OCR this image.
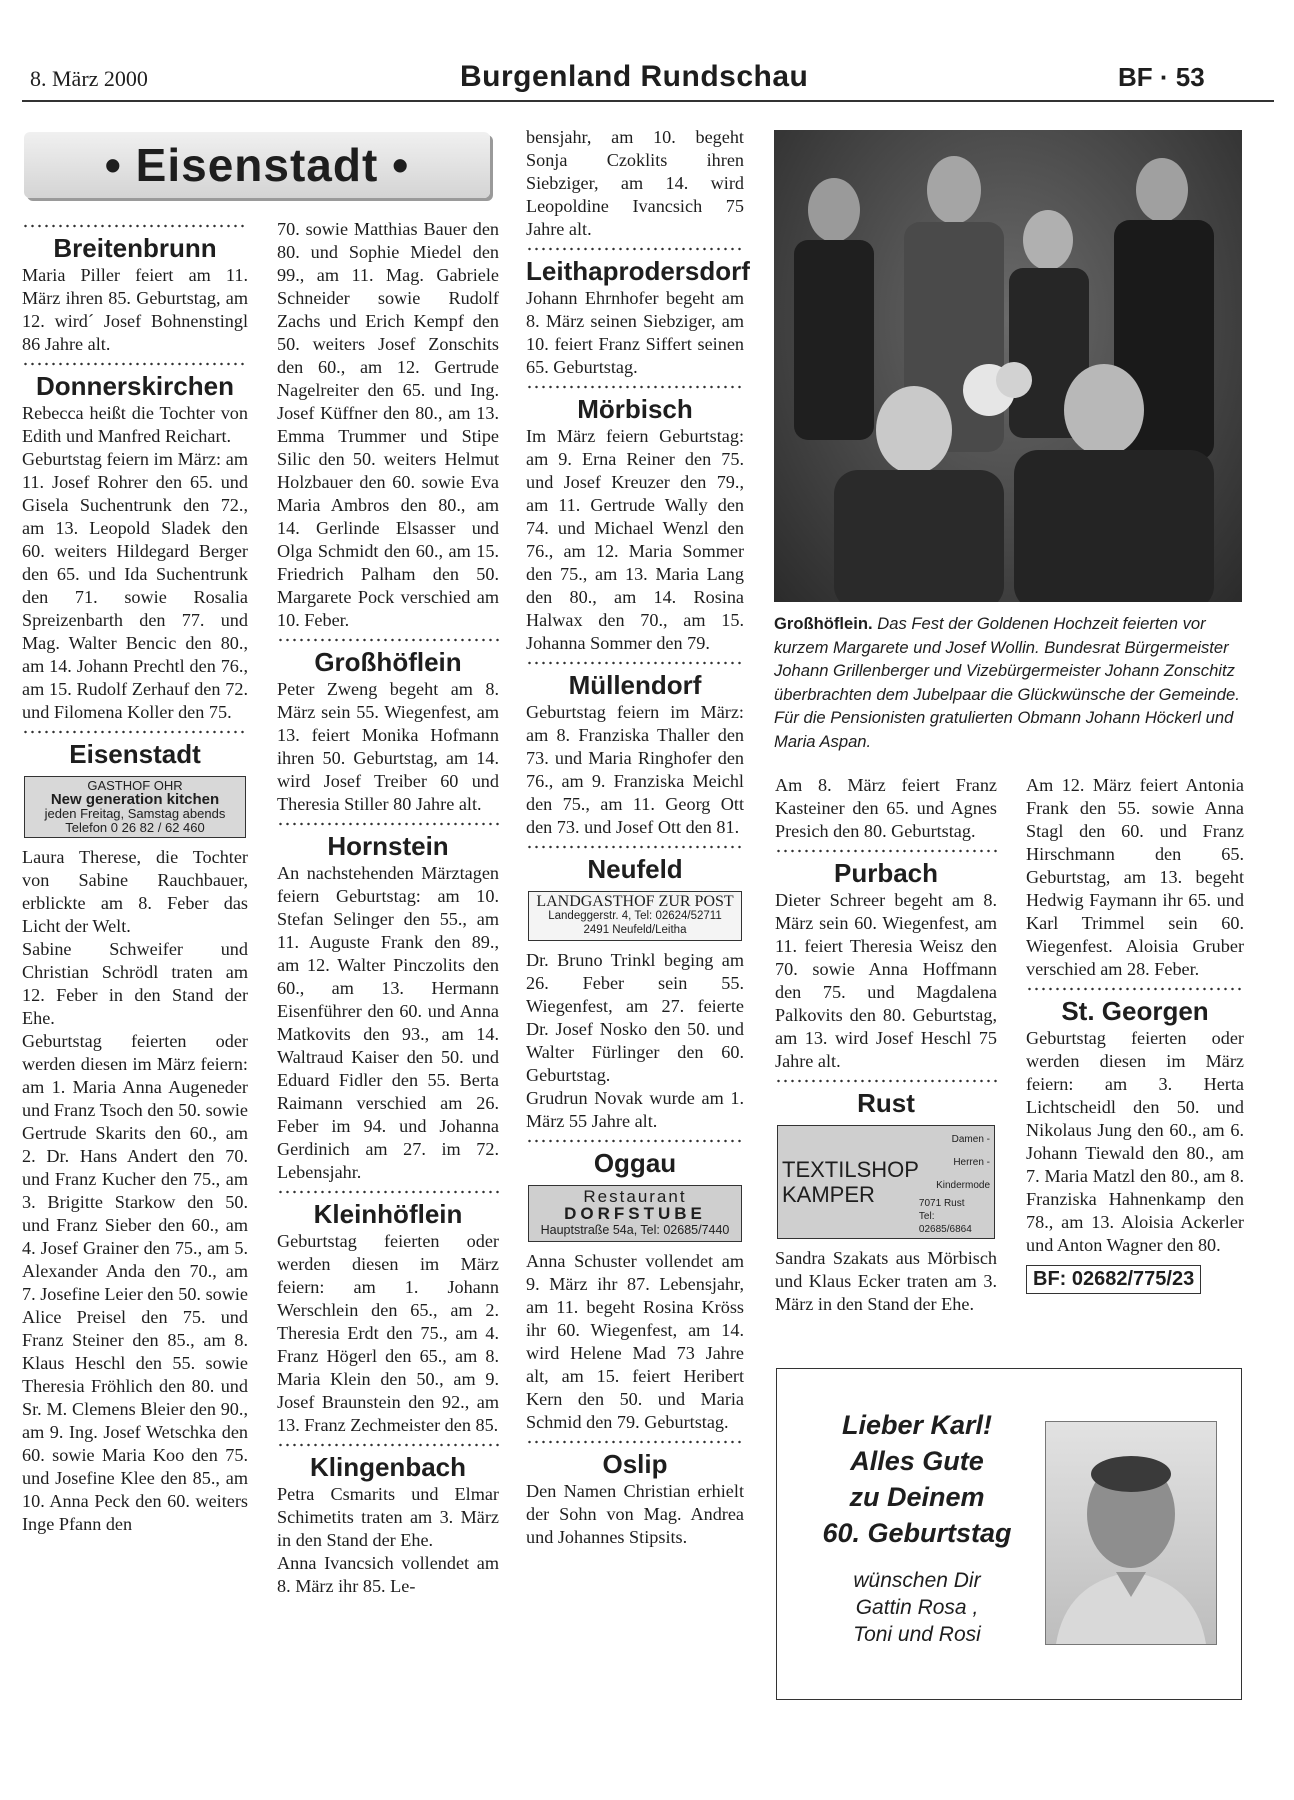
8. März 2000	Burgenland Rundschau	BF · 53
• Eisenstadt •
Breitenbrunn

Maria Piller feiert am 11. März ihren 85. Geburtstag, am 12. wird´ Josef Bohnenstingl 86 Jahre alt.

Donnerskirchen

Rebecca heißt die Tochter von Edith und Manfred Reichart.

Geburtstag feiern im März: am 11. Josef Rohrer den 65. und Gisela Suchentrunk den 72., am 13. Leopold Sladek den 60. weiters Hildegard Berger den 65. und Ida Suchentrunk den 71. sowie Rosalia Spreizenbarth den 77. und Mag. Walter Bencic den 80., am 14. Johann Prechtl den 76., am 15. Rudolf Zerhauf den 72. und Filomena Koller den 75.

Eisenstadt
GASTHOF OHR
New generation kitchen
jeden Freitag, Samstag abends
Telefon 0 26 82 / 62 460

Laura Therese, die Tochter von Sabine Rauchbauer, erblickte am 8. Feber das Licht der Welt.

Sabine Schweifer und Christian Schrödl traten am 12. Feber in den Stand der Ehe.

Geburtstag feierten oder werden diesen im März feiern: am 1. Maria Anna Augeneder und Franz Tsoch den 50. sowie Gertrude Skarits den 60., am 2. Dr. Hans Andert den 70. und Franz Kucher den 75., am 3. Brigitte Starkow den 50. und Franz Sieber den 60., am 4. Josef Grainer den 75., am 5. Alexander Anda den 70., am 7. Josefine Leier den 50. sowie Alice Preisel den 75. und Franz Steiner den 85., am 8. Klaus Heschl den 55. sowie Theresia Fröhlich den 80. und Sr. M. Clemens Bleier den 90., am 9. Ing. Josef Wetschka den 60. sowie Maria Koo den 75. und Josefine Klee den 85., am 10. Anna Peck den 60. weiters Inge Pfann den

70. sowie Matthias Bauer den 80. und Sophie Miedel den 99., am 11. Mag. Gabriele Schneider sowie Rudolf Zachs und Erich Kempf den 50. weiters Josef Zonschits den 60., am 12. Gertrude Nagelreiter den 65. und Ing. Josef Küffner den 80., am 13. Emma Trummer und Stipe Silic den 50. weiters Helmut Holzbauer den 60. sowie Eva Maria Ambros den 80., am 14. Gerlinde Elsasser und Olga Schmidt den 60., am 15. Friedrich Palham den 50. Margarete Pock verschied am 10. Feber.

Großhöflein

Peter Zweng begeht am 8. März sein 55. Wiegenfest, am 13. feiert Monika Hofmann ihren 50. Geburtstag, am 14. wird Josef Treiber 60 und Theresia Stiller 80 Jahre alt.

Hornstein

An nachstehenden Märztagen feiern Geburtstag: am 10. Stefan Selinger den 55., am 11. Auguste Frank den 89., am 12. Walter Pinczolits den 60., am 13. Hermann Eisenführer den 60. und Anna Matkovits den 93., am 14. Waltraud Kaiser den 50. und Eduard Fidler den 55. Berta Raimann verschied am 26. Feber im 94. und Johanna Gerdinich am 27. im 72. Lebensjahr.

Kleinhöflein

Geburtstag feierten oder werden diesen im März feiern: am 1. Johann Werschlein den 65., am 2. Theresia Erdt den 75., am 4. Franz Högerl den 65., am 8. Maria Klein den 50., am 9. Josef Braunstein den 92., am 13. Franz Zechmeister den 85.

Klingenbach

Petra Csmarits und Elmar Schimetits traten am 3. März in den Stand der Ehe.

Anna Ivancsich vollendet am 8. März ihr 85. Le-

bensjahr, am 10. begeht Sonja Czoklits ihren Siebziger, am 14. wird Leopoldine Ivancsich 75 Jahre alt.

Leithaprodersdorf

Johann Ehrnhofer begeht am 8. März seinen Siebziger, am 10. feiert Franz Siffert seinen 65. Geburtstag.

Mörbisch

Im März feiern Geburtstag: am 9. Erna Reiner den 75. und Josef Kreuzer den 79., am 11. Gertrude Wally den 74. und Michael Wenzl den 76., am 12. Maria Sommer den 75., am 13. Maria Lang den 80., am 14. Rosina Halwax den 70., am 15. Johanna Sommer den 79.

Müllendorf

Geburtstag feiern im März: am 8. Franziska Thaller den 73. und Maria Ringhofer den 76., am 9. Franziska Meichl den 75., am 11. Georg Ott den 73. und Josef Ott den 81.

Neufeld
LANDGASTHOF ZUR POST
Landeggerstr. 4, Tel: 02624/52711
2491 Neufeld/Leitha

Dr. Bruno Trinkl beging am 26. Feber sein 55. Wiegenfest, am 27. feierte Dr. Josef Nosko den 50. und Walter Fürlinger den 60. Geburtstag.

Grudrun Novak wurde am 1. März 55 Jahre alt.

Oggau
Restaurant
DORFSTUBE
Hauptstraße 54a, Tel: 02685/7440

Anna Schuster vollendet am 9. März ihr 87. Lebensjahr, am 11. begeht Rosina Kröss ihr 60. Wiegenfest, am 14. wird Helene Mad 73 Jahre alt, am 15. feiert Heribert Kern den 50. und Maria Schmid den 79. Geburtstag.

Oslip

Den Namen Christian erhielt der Sohn von Mag. Andrea und Johannes Stipsits.

Großhöflein. Das Fest der Goldenen Hochzeit feierten vor kurzem Margarete und Josef Wollin. Bundesrat Bürgermeister Johann Grillenberger und Vizebürgermeister Johann Zonschitz überbrachten dem Jubelpaar die Glückwünsche der Gemeinde. Für die Pensionisten gratulierten Obmann Johann Höckerl und Maria Aspan.

Am 8. März feiert Franz Kasteiner den 65. und Agnes Presich den 80. Geburtstag.

Purbach

Dieter Schreer begeht am 8. März sein 60. Wiegenfest, am 11. feiert Theresia Weisz den 70. sowie Anna Hoffmann den 75. und Magdalena Palkovits den 80. Geburtstag, am 13. wird Josef Heschl 75 Jahre alt.

Rust
TEXTILSHOP
KAMPER
Damen - Herren -Kindermode
7071 Rust
Tel: 02685/6864

Sandra Szakats aus Mörbisch und Klaus Ecker traten am 3. März in den Stand der Ehe.

Am 12. März feiert Antonia Frank den 55. sowie Anna Stagl den 60. und Franz Hirschmann den 65. Geburtstag, am 13. begeht Hedwig Faymann ihr 65. und Karl Trimmel sein 60. Wiegenfest. Aloisia Gruber verschied am 28. Feber.

St. Georgen

Geburtstag feierten oder werden diesen im März feiern: am 3. Herta Lichtscheidl den 50. und Nikolaus Jung den 60., am 6. Johann Tiewald den 80., am 7. Maria Matzl den 80., am 8. Franziska Hahnenkamp den 78., am 13. Aloisia Ackerler und Anton Wagner den 80.

BF: 02682/775/23
Lieber Karl!
Alles Gute
zu Deinem
60. Geburtstag
wünschen Dir
Gattin Rosa ,
Toni und Rosi
